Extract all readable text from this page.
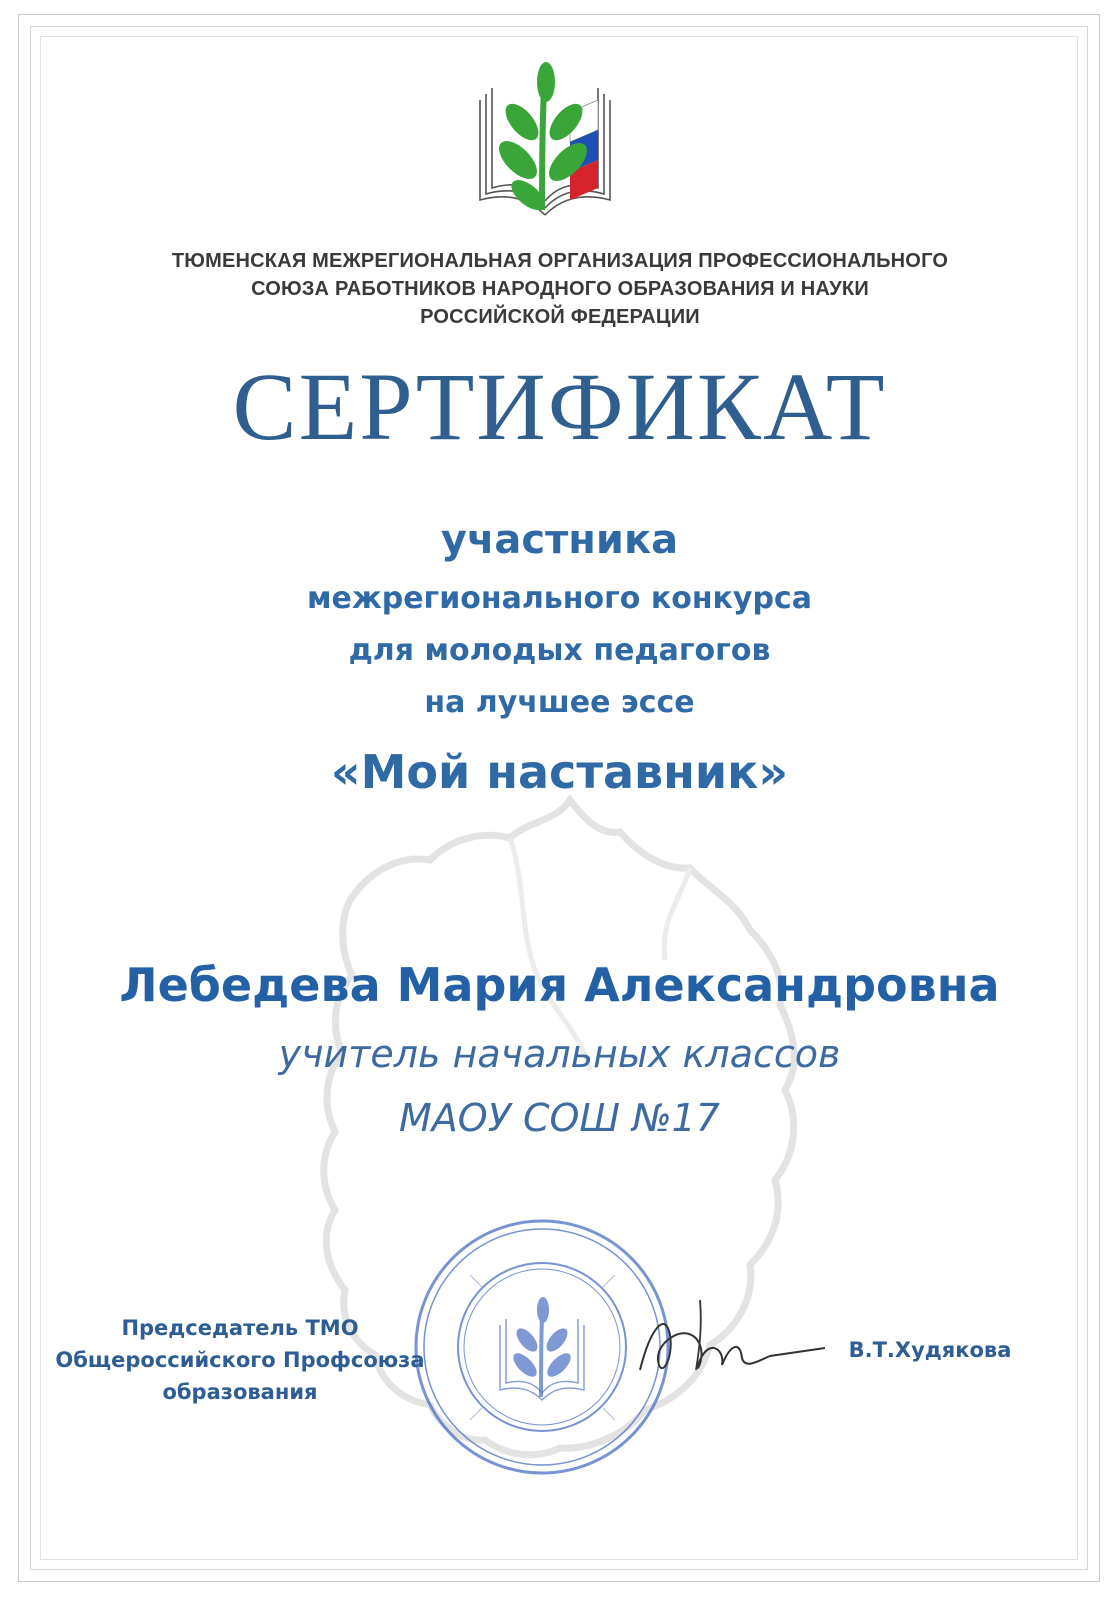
ТЮМЕНСКАЯ МЕЖРЕГИОНАЛЬНАЯ ОРГАНИЗАЦИЯ ПРОФЕССИОНАЛЬНОГО
СОЮЗА РАБОТНИКОВ НАРОДНОГО ОБРАЗОВАНИЯ И НАУКИ
РОССИЙСКОЙ ФЕДЕРАЦИИ
СЕРТИФИКАТ
участника
межрегионального конкурса
для молодых педагогов
на лучшее эссе
«Мой наставник»
Лебедева Мария Александровна
учитель начальных классов
МАОУ СОШ №17
Председатель ТМО
Общероссийского Профсоюза
образования
В.Т.Худякова
